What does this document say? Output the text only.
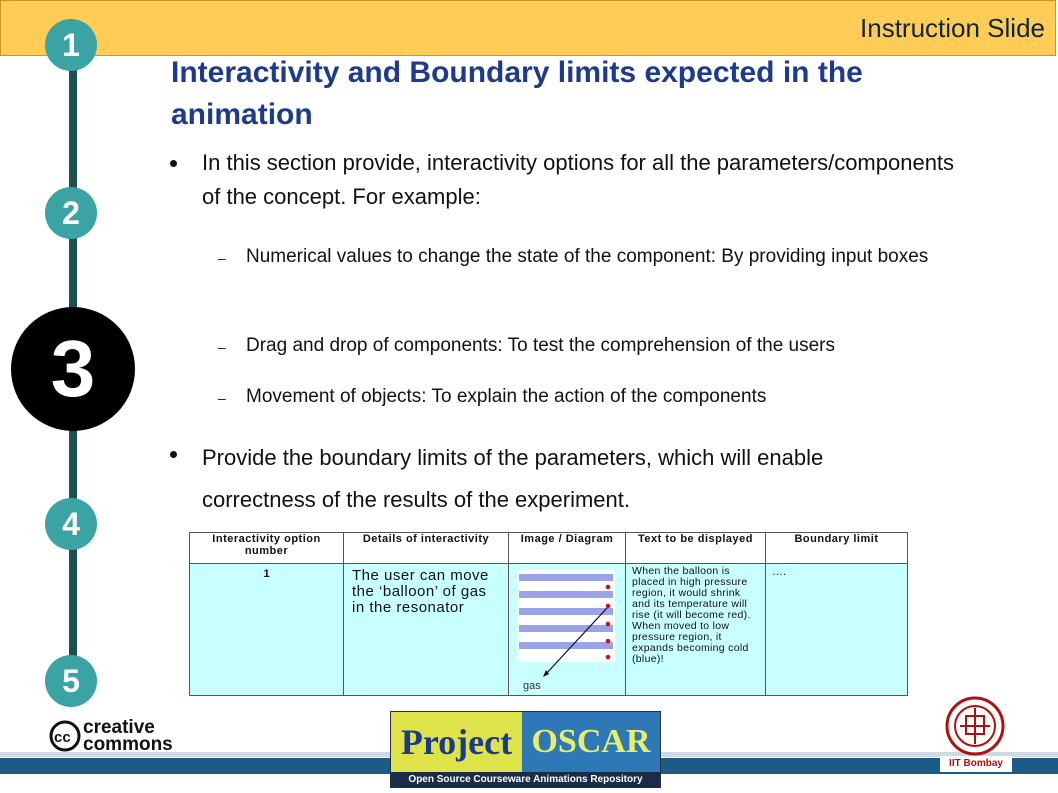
Instruction Slide
1
2
3
4
5
Interactivity and Boundary limits expected in the animation
In this section provide, interactivity options for all the parameters/components of the concept. For example:
– Numerical values to change the state of the component: By providing input boxes
– Drag and drop of components: To test the comprehension of the users
– Movement of objects: To explain the action of the components
Provide the boundary limits of the parameters, which will enable correctness of the results of the experiment.
Interactivity option number	Details of interactivity	Image / Diagram	Text to be displayed	Boundary limit
1	The user can move the ‘balloon’ of gas in the resonator	gas	When the balloon is placed in high pressure region, it would shrink and its temperature will rise (it will become red). When moved to low pressure region, it expands becoming cold (blue)!	….
cc creative
commons	Project OSCAR
Open Source Courseware Animations Repository
IIT Bombay
